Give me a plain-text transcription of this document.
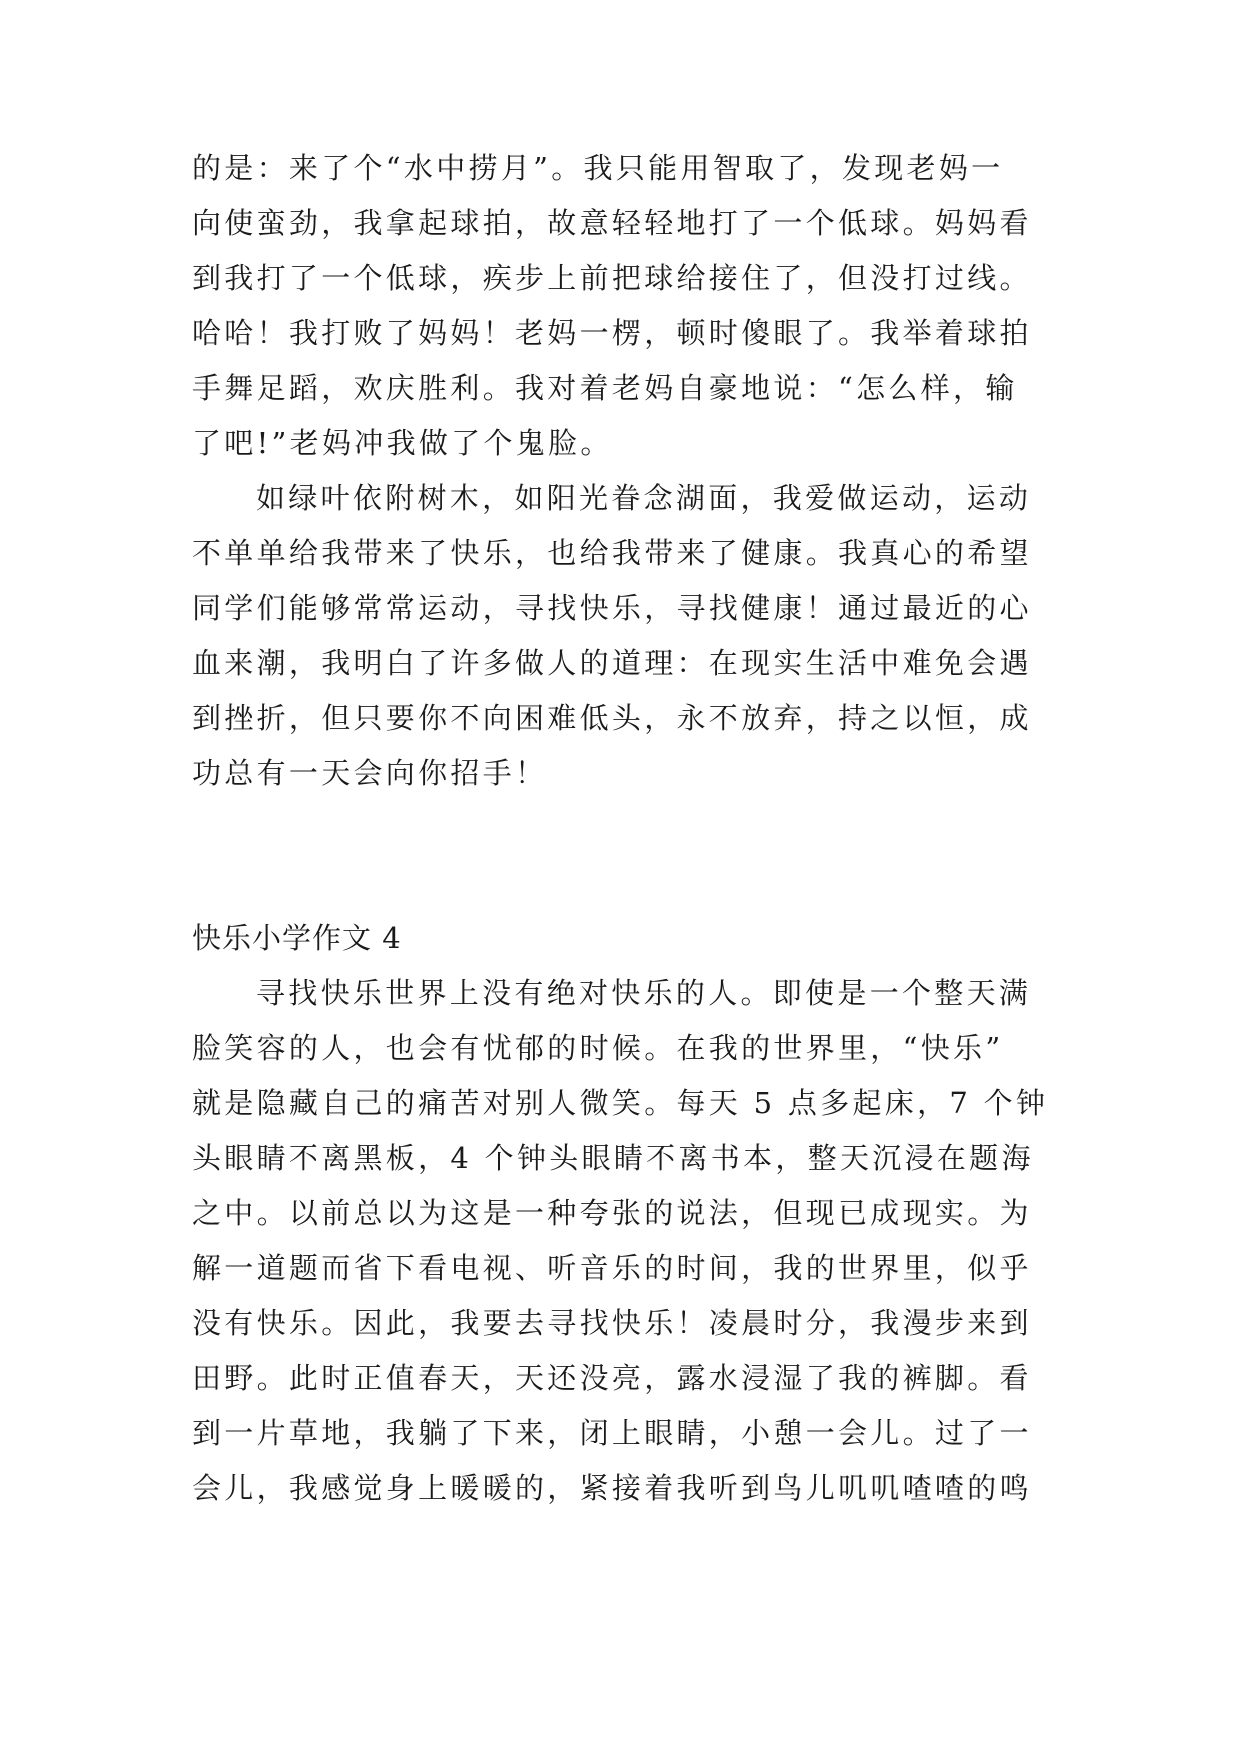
的是：来了个“水中捞月”。我只能用智取了，发现老妈一
向使蛮劲，我拿起球拍，故意轻轻地打了一个低球。妈妈看
到我打了一个低球，疾步上前把球给接住了，但没打过线。
哈哈！我打败了妈妈！老妈一楞，顿时傻眼了。我举着球拍
手舞足蹈，欢庆胜利。我对着老妈自豪地说：“怎么样，输
了吧!”老妈冲我做了个鬼脸。
如绿叶依附树木，如阳光眷念湖面，我爱做运动，运动
不单单给我带来了快乐，也给我带来了健康。我真心的希望
同学们能够常常运动，寻找快乐，寻找健康！通过最近的心
血来潮，我明白了许多做人的道理：在现实生活中难免会遇
到挫折，但只要你不向困难低头，永不放弃，持之以恒，成
功总有一天会向你招手！
快乐小学作文 4
寻找快乐世界上没有绝对快乐的人。即使是一个整天满
脸笑容的人，也会有忧郁的时候。在我的世界里，“快乐”
就是隐藏自己的痛苦对别人微笑。每天 5 点多起床，7 个钟
头眼睛不离黑板，4 个钟头眼睛不离书本，整天沉浸在题海
之中。以前总以为这是一种夸张的说法，但现已成现实。为
解一道题而省下看电视、听音乐的时间，我的世界里，似乎
没有快乐。因此，我要去寻找快乐！凌晨时分，我漫步来到
田野。此时正值春天，天还没亮，露水浸湿了我的裤脚。看
到一片草地，我躺了下来，闭上眼睛，小憩一会儿。过了一
会儿，我感觉身上暖暖的，紧接着我听到鸟儿叽叽喳喳的鸣
